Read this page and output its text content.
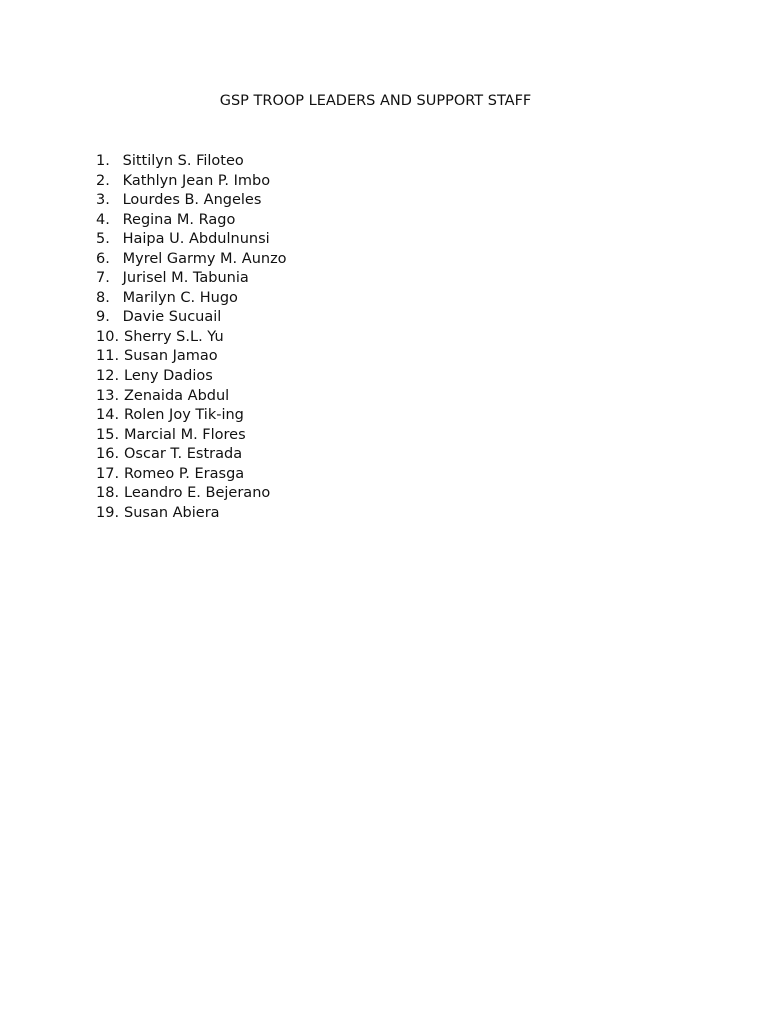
GSP TROOP LEADERS AND SUPPORT STAFF
1. Sittilyn S. Filoteo
2. Kathlyn Jean P. Imbo
3. Lourdes B. Angeles
4. Regina M. Rago
5. Haipa U. Abdulnunsi
6. Myrel Garmy M. Aunzo
7. Jurisel M. Tabunia
8. Marilyn C. Hugo
9. Davie Sucuail
10.Sherry S.L. Yu
11.Susan Jamao
12.Leny Dadios
13.Zenaida Abdul
14.Rolen Joy Tik-ing
15.Marcial M. Flores
16.Oscar T. Estrada
17.Romeo P. Erasga
18.Leandro E. Bejerano
19.Susan Abiera
